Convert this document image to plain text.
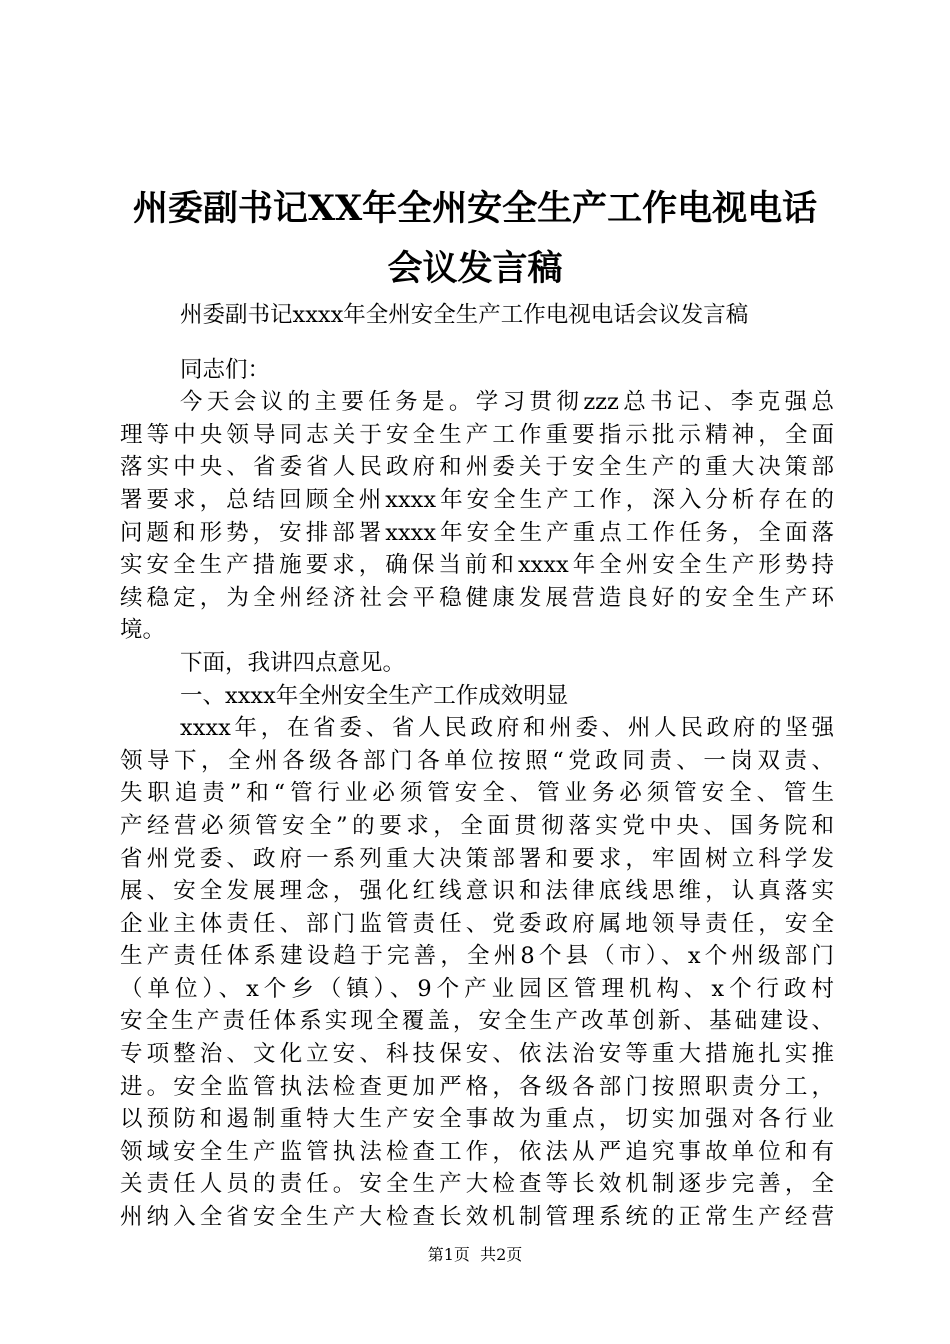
州委副书记XX年全州安全生产工作电视电话
会议发言稿
州委副书记xxxx年全州安全生产工作电视电话会议发言稿
同志们：
今天会议的主要任务是。学习贯彻zzz总书记、李克强总
理等中央领导同志关于安全生产工作重要指示批示精神，全面
落实中央、省委省人民政府和州委关于安全生产的重大决策部
署要求，总结回顾全州xxxx年安全生产工作，深入分析存在的
问题和形势，安排部署xxxx年安全生产重点工作任务，全面落
实安全生产措施要求，确保当前和xxxx年全州安全生产形势持
续稳定，为全州经济社会平稳健康发展营造良好的安全生产环
境。
下面，我讲四点意见。
一、xxxx年全州安全生产工作成效明显
xxxx年，在省委、省人民政府和州委、州人民政府的坚强
领导下，全州各级各部门各单位按照“党政同责、一岗双责、
失职追责”和“管行业必须管安全、管业务必须管安全、管生
产经营必须管安全”的要求，全面贯彻落实党中央、国务院和
省州党委、政府一系列重大决策部署和要求，牢固树立科学发
展、安全发展理念，强化红线意识和法律底线思维，认真落实
企业主体责任、部门监管责任、党委政府属地领导责任，安全
生产责任体系建设趋于完善，全州8个县（市）、x个州级部门
（单位）、x个乡（镇）、9个产业园区管理机构、x个行政村
安全生产责任体系实现全覆盖，安全生产改革创新、基础建设、
专项整治、文化立安、科技保安、依法治安等重大措施扎实推
进。安全监管执法检查更加严格，各级各部门按照职责分工，
以预防和遏制重特大生产安全事故为重点，切实加强对各行业
领域安全生产监管执法检查工作，依法从严追究事故单位和有
关责任人员的责任。安全生产大检查等长效机制逐步完善，全
州纳入全省安全生产大检查长效机制管理系统的正常生产经营
第1页  共2页
